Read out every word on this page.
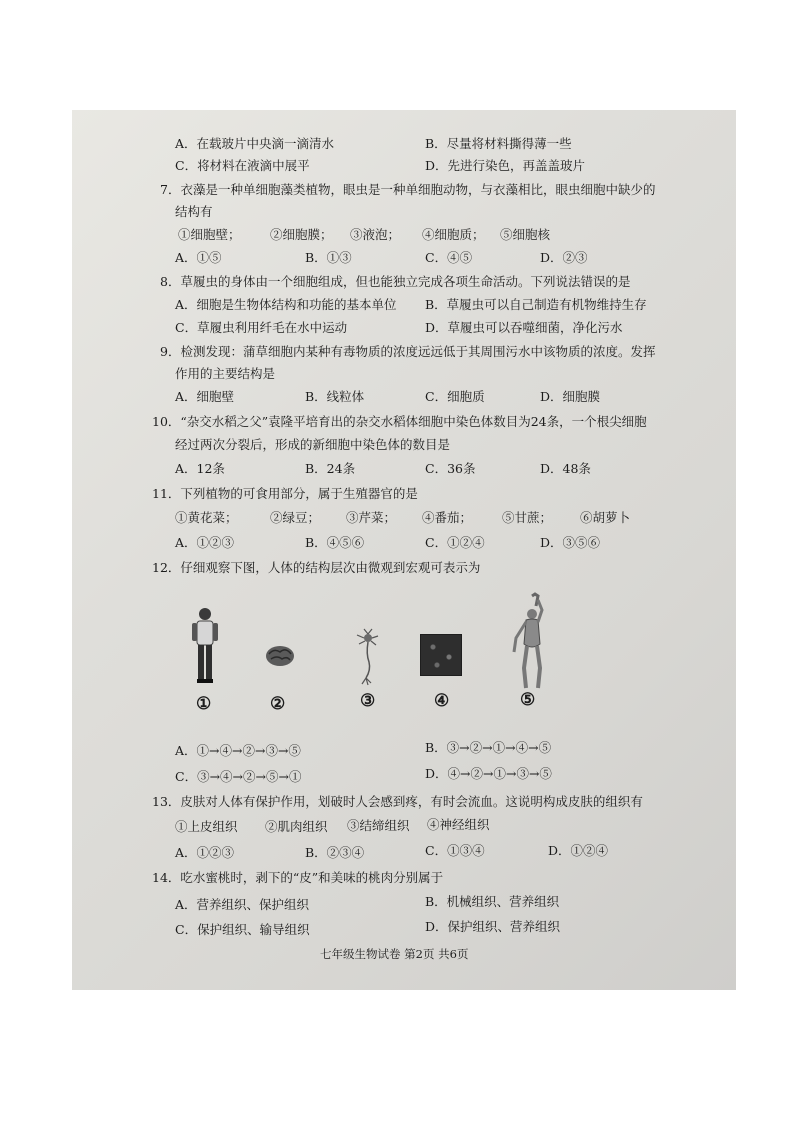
A．在载玻片中央滴一滴清水	B．尽量将材料撕得薄一些
C．将材料在液滴中展平	D．先进行染色，再盖盖玻片
7．衣藻是一种单细胞藻类植物，眼虫是一种单细胞动物，与衣藻相比，眼虫细胞中缺少的
结构有
①细胞壁； ②细胞膜； ③液泡； ④细胞质； ⑤细胞核
A．①⑤	B．①③	C．④⑤	D．②③
8．草履虫的身体由一个细胞组成，但也能独立完成各项生命活动。下列说法错误的是
A．细胞是生物体结构和功能的基本单位 B．草履虫可以自己制造有机物维持生存
C．草履虫利用纤毛在水中运动	D．草履虫可以吞噬细菌，净化污水
9．检测发现：蒲草细胞内某种有毒物质的浓度远远低于其周围污水中该物质的浓度。发挥
作用的主要结构是
A．细胞壁	B．线粒体	C．细胞质	D．细胞膜
10．“杂交水稻之父”袁隆平培育出的杂交水稻体细胞中染色体数目为24条，一个根尖细胞
经过两次分裂后，形成的新细胞中染色体的数目是
A．12条	B．24条	C．36条	D．48条
11．下列植物的可食用部分，属于生殖器官的是
①黄花菜；	②绿豆； ③芹菜； ④番茄； ⑤甘蔗； ⑥胡萝卜
A．①②③	B．④⑤⑥	C．①②④	D．③⑤⑥
12．仔细观察下图，人体的结构层次由微观到宏观可表示为
①	②	③	④	⑤
A．①→④→②→③→⑤	B．③→②→①→④→⑤
C．③→④→②→⑤→①	D．④→②→①→③→⑤
13．皮肤对人体有保护作用，划破时人会感到疼，有时会流血。这说明构成皮肤的组织有
①上皮组织 ②肌肉组织 ③结缔组织 ④神经组织
A．①②③	B．②③④	C．①③④	D．①②④
14．吃水蜜桃时，剥下的“皮”和美味的桃肉分别属于
A．营养组织、保护组织	B．机械组织、营养组织
C．保护组织、输导组织	D．保护组织、营养组织
七年级生物试卷 第2页 共6页
